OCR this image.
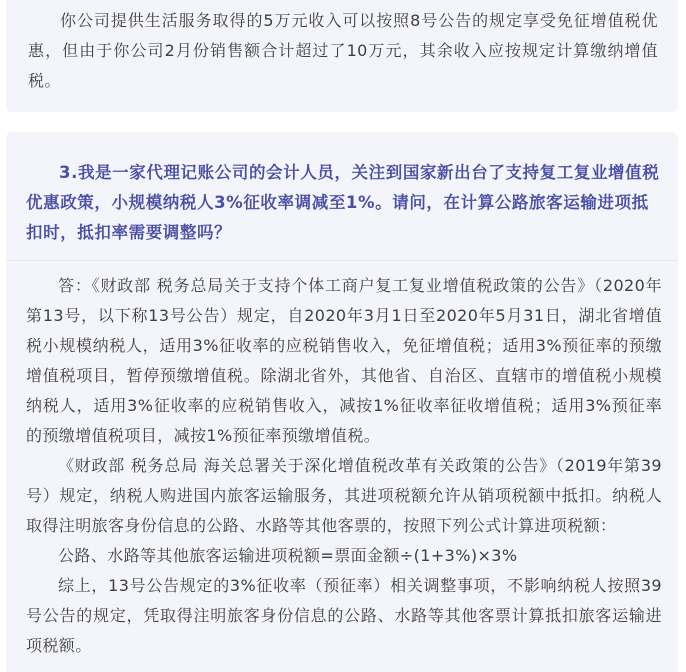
你公司提供生活服务取得的5万元收入可以按照8号公告的规定享受免征增值税优惠，但由于你公司2月份销售额合计超过了10万元，其余收入应按规定计算缴纳增值税。

3.我是一家代理记账公司的会计人员，关注到国家新出台了支持复工复业增值税优惠政策，小规模纳税人3%征收率调减至1%。请问，在计算公路旅客运输进项抵扣时，抵扣率需要调整吗？

答：《财政部 税务总局关于支持个体工商户复工复业增值税政策的公告》（2020年第13号，以下称13号公告）规定，自2020年3月1日至2020年5月31日，湖北省增值税小规模纳税人，适用3%征收率的应税销售收入，免征增值税；适用3%预征率的预缴增值税项目，暂停预缴增值税。除湖北省外，其他省、自治区、直辖市的增值税小规模纳税人，适用3%征收率的应税销售收入，减按1%征收率征收增值税；适用3%预征率的预缴增值税项目，减按1%预征率预缴增值税。

《财政部 税务总局 海关总署关于深化增值税改革有关政策的公告》（2019年第39号）规定，纳税人购进国内旅客运输服务，其进项税额允许从销项税额中抵扣。纳税人取得注明旅客身份信息的公路、水路等其他客票的，按照下列公式计算进项税额：

公路、水路等其他旅客运输进项税额=票面金额÷(1+3%)×3%

综上，13号公告规定的3%征收率（预征率）相关调整事项，不影响纳税人按照39号公告的规定，凭取得注明旅客身份信息的公路、水路等其他客票计算抵扣旅客运输进项税额。
